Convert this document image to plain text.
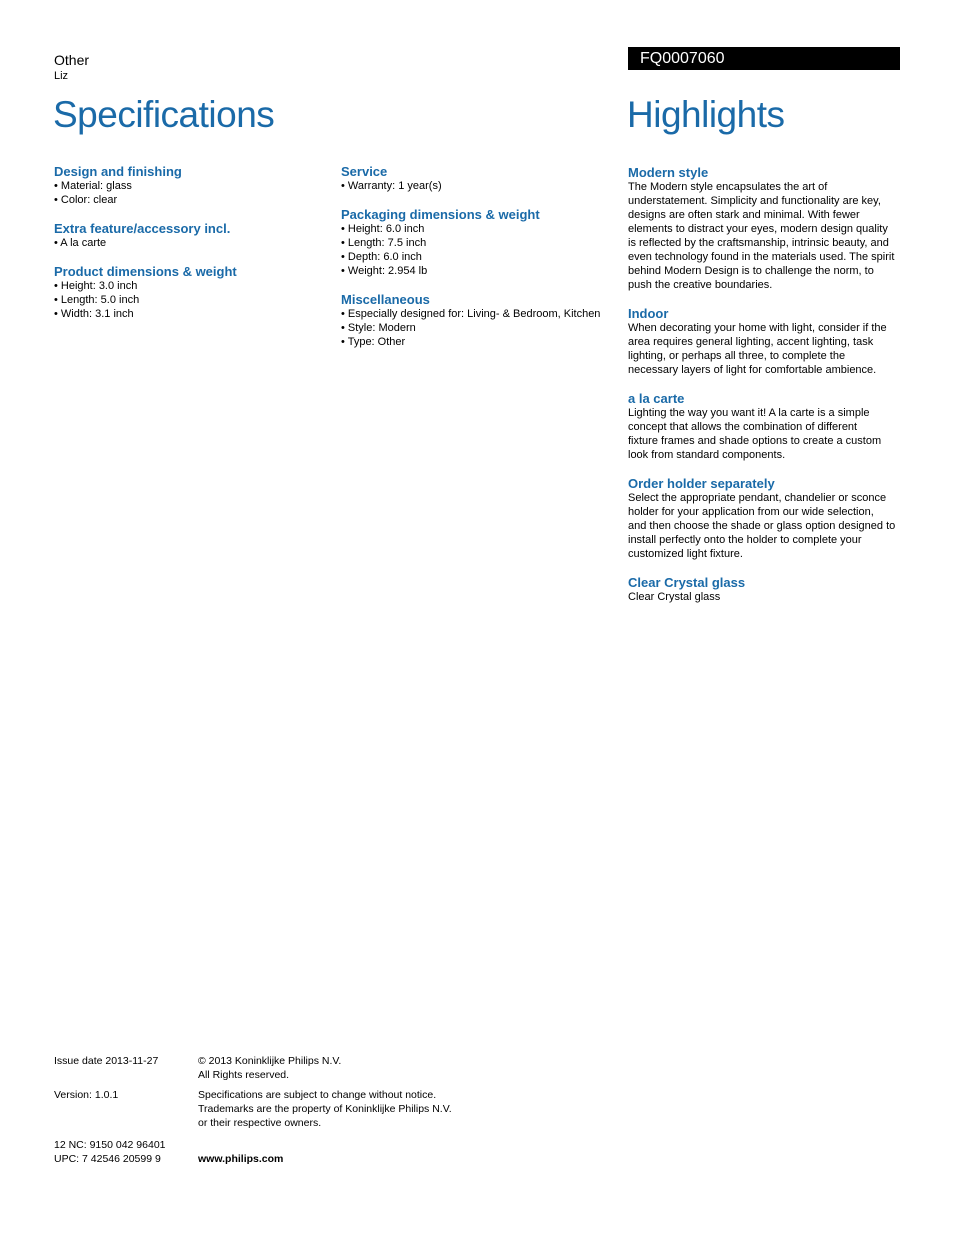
Other
Liz
FQ0007060
Specifications	Highlights
Design and finishing
• Material: glass
• Color: clear
Extra feature/accessory incl.
• A la carte
Product dimensions & weight
• Height: 3.0 inch
• Length: 5.0 inch
• Width: 3.1 inch
Service
• Warranty: 1 year(s)
Packaging dimensions & weight
• Height: 6.0 inch
• Length: 7.5 inch
• Depth: 6.0 inch
• Weight: 2.954 lb
Miscellaneous
• Especially designed for: Living- & Bedroom, Kitchen
• Style: Modern
• Type: Other
Modern style
The Modern style encapsulates the art of
understatement. Simplicity and functionality are key,
designs are often stark and minimal. With fewer
elements to distract your eyes, modern design quality
is reflected by the craftsmanship, intrinsic beauty, and
even technology found in the materials used. The spirit
behind Modern Design is to challenge the norm, to
push the creative boundaries.
Indoor
When decorating your home with light, consider if the
area requires general lighting, accent lighting, task
lighting, or perhaps all three, to complete the
necessary layers of light for comfortable ambience.
a la carte
Lighting the way you want it! A la carte is a simple
concept that allows the combination of different
fixture frames and shade options to create a custom
look from standard components.
Order holder separately
Select the appropriate pendant, chandelier or sconce
holder for your application from our wide selection,
and then choose the shade or glass option designed to
install perfectly onto the holder to complete your
customized light fixture.
Clear Crystal glass
Clear Crystal glass
Issue date 2013-11-27	© 2013 Koninklijke Philips N.V.
All Rights reserved.
Version: 1.0.1	Specifications are subject to change without notice.
Trademarks are the property of Koninklijke Philips N.V.
or their respective owners.
12 NC: 9150 042 96401
UPC: 7 42546 20599 9	www.philips.com
